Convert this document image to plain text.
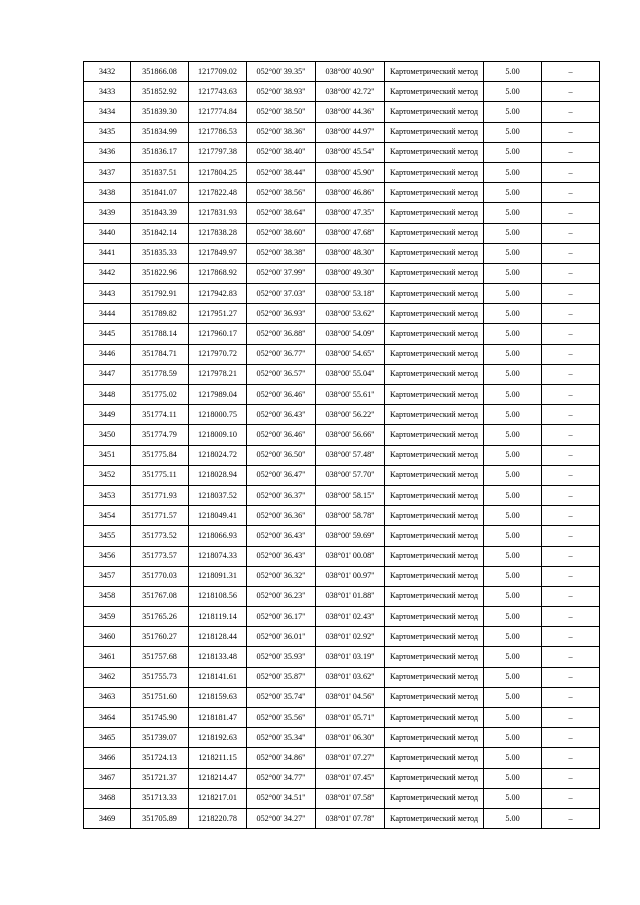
3432	351866.08	1217709.02	052°00' 39.35"	038°00' 40.90"	Картометрический метод	5.00	–
3433	351852.92	1217743.63	052°00' 38.93"	038°00' 42.72"	Картометрический метод	5.00	–
3434	351839.30	1217774.84	052°00' 38.50"	038°00' 44.36"	Картометрический метод	5.00	–
3435	351834.99	1217786.53	052°00' 38.36"	038°00' 44.97"	Картометрический метод	5.00	–
3436	351836.17	1217797.38	052°00' 38.40"	038°00' 45.54"	Картометрический метод	5.00	–
3437	351837.51	1217804.25	052°00' 38.44"	038°00' 45.90"	Картометрический метод	5.00	–
3438	351841.07	1217822.48	052°00' 38.56"	038°00' 46.86"	Картометрический метод	5.00	–
3439	351843.39	1217831.93	052°00' 38.64"	038°00' 47.35"	Картометрический метод	5.00	–
3440	351842.14	1217838.28	052°00' 38.60"	038°00' 47.68"	Картометрический метод	5.00	–
3441	351835.33	1217849.97	052°00' 38.38"	038°00' 48.30"	Картометрический метод	5.00	–
3442	351822.96	1217868.92	052°00' 37.99"	038°00' 49.30"	Картометрический метод	5.00	–
3443	351792.91	1217942.83	052°00' 37.03"	038°00' 53.18"	Картометрический метод	5.00	–
3444	351789.82	1217951.27	052°00' 36.93"	038°00' 53.62"	Картометрический метод	5.00	–
3445	351788.14	1217960.17	052°00' 36.88"	038°00' 54.09"	Картометрический метод	5.00	–
3446	351784.71	1217970.72	052°00' 36.77"	038°00' 54.65"	Картометрический метод	5.00	–
3447	351778.59	1217978.21	052°00' 36.57"	038°00' 55.04"	Картометрический метод	5.00	–
3448	351775.02	1217989.04	052°00' 36.46"	038°00' 55.61"	Картометрический метод	5.00	–
3449	351774.11	1218000.75	052°00' 36.43"	038°00' 56.22"	Картометрический метод	5.00	–
3450	351774.79	1218009.10	052°00' 36.46"	038°00' 56.66"	Картометрический метод	5.00	–
3451	351775.84	1218024.72	052°00' 36.50"	038°00' 57.48"	Картометрический метод	5.00	–
3452	351775.11	1218028.94	052°00' 36.47"	038°00' 57.70"	Картометрический метод	5.00	–
3453	351771.93	1218037.52	052°00' 36.37"	038°00' 58.15"	Картометрический метод	5.00	–
3454	351771.57	1218049.41	052°00' 36.36"	038°00' 58.78"	Картометрический метод	5.00	–
3455	351773.52	1218066.93	052°00' 36.43"	038°00' 59.69"	Картометрический метод	5.00	–
3456	351773.57	1218074.33	052°00' 36.43"	038°01' 00.08"	Картометрический метод	5.00	–
3457	351770.03	1218091.31	052°00' 36.32"	038°01' 00.97"	Картометрический метод	5.00	–
3458	351767.08	1218108.56	052°00' 36.23"	038°01' 01.88"	Картометрический метод	5.00	–
3459	351765.26	1218119.14	052°00' 36.17"	038°01' 02.43"	Картометрический метод	5.00	–
3460	351760.27	1218128.44	052°00' 36.01"	038°01' 02.92"	Картометрический метод	5.00	–
3461	351757.68	1218133.48	052°00' 35.93"	038°01' 03.19"	Картометрический метод	5.00	–
3462	351755.73	1218141.61	052°00' 35.87"	038°01' 03.62"	Картометрический метод	5.00	–
3463	351751.60	1218159.63	052°00' 35.74"	038°01' 04.56"	Картометрический метод	5.00	–
3464	351745.90	1218181.47	052°00' 35.56"	038°01' 05.71"	Картометрический метод	5.00	–
3465	351739.07	1218192.63	052°00' 35.34"	038°01' 06.30"	Картометрический метод	5.00	–
3466	351724.13	1218211.15	052°00' 34.86"	038°01' 07.27"	Картометрический метод	5.00	–
3467	351721.37	1218214.47	052°00' 34.77"	038°01' 07.45"	Картометрический метод	5.00	–
3468	351713.33	1218217.01	052°00' 34.51"	038°01' 07.58"	Картометрический метод	5.00	–
3469	351705.89	1218220.78	052°00' 34.27"	038°01' 07.78"	Картометрический метод	5.00	–
